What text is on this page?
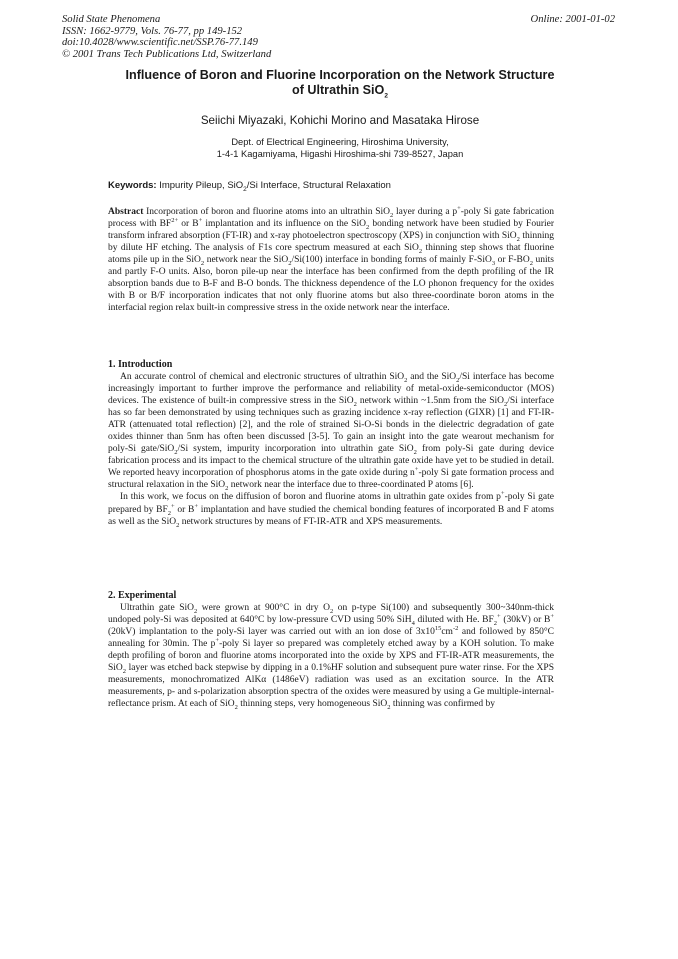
Solid State Phenomena
ISSN: 1662-9779, Vols. 76-77, pp 149-152
doi:10.4028/www.scientific.net/SSP.76-77.149
© 2001 Trans Tech Publications Ltd, Switzerland
Online: 2001-01-02
Influence of Boron and Fluorine Incorporation on the Network Structure
of Ultrathin SiO$_2$
Seiichi Miyazaki, Kohichi Morino and Masataka Hirose
Dept. of Electrical Engineering, Hiroshima University,
1-4-1 Kagamiyama, Higashi Hiroshima-shi 739-8527, Japan
Keywords: Impurity Pileup, SiO$_2$/Si Interface, Structural Relaxation
Abstract Incorporation of boron and fluorine atoms into an ultrathin SiO$_2$ layer during a p+-poly Si gate fabrication process with $BF^{2+}$ or B+ implantation and its influence on the SiO$_2$ bonding network have been studied by Fourier transform infrared absorption (FT-IR) and x-ray photoelectron spectroscopy (XPS) in conjunction with SiO$_2$ thinning by dilute HF etching. The analysis of F1s core spectrum measured at each SiO$_2$ thinning step shows that fluorine atoms pile up in the SiO$_2$ network near the SiO$_2$/Si(100) interface in bonding forms of mainly F-SiO$_3$ or $F-BO_2$ units and partly F-O units. Also, boron pile-up near the interface has been confirmed from the depth profiling of the IR absorption bands due to B-F and B-O bonds. The thickness dependence of the LO phonon frequency for the oxides with B or B/F incorporation indicates that not only fluorine atoms but also three-coordinate boron atoms in the interfacial region relax built-in compressive stress in the oxide network near the interface.
1. Introduction

An accurate control of chemical and electronic structures of ultrathin SiO$_2$ and the SiO$_2$/Si interface has become increasingly important to further improve the performance and reliability of metal-oxide-semiconductor (MOS) devices. The existence of built-in compressive stress in the SiO$_2$ network within ~1.5nm from the SiO$_2$/Si interface has so far been demonstrated by using techniques such as grazing incidence x-ray reflection (GIXR) [1] and FT-IR-ATR (attenuated total reflection) [2], and the role of strained Si-O-Si bonds in the dielectric degradation of gate oxides thinner than 5nm has often been discussed [3-5]. To gain an insight into the gate wearout mechanism for poly-Si gate/SiO$_2$/Si system, impurity incorporation into ultrathin gate SiO$_2$ from poly-Si gate during device fabrication process and its impact to the chemical structure of the ultrathin gate oxide have yet to be studied in detail. We reported heavy incorporation of phosphorus atoms in the gate oxide during n+-poly Si gate formation process and structural relaxation in the SiO$_2$ network near the interface due to three-coordinated P atoms [6].

In this work, we focus on the diffusion of boron and fluorine atoms in ultrathin gate oxides from p+-poly Si gate prepared by $BF_2^+$ or B+ implantation and have studied the chemical bonding features of incorporated B and F atoms as well as the SiO$_2$ network structures by means of FT-IR-ATR and XPS measurements.

2. Experimental

Ultrathin gate SiO$_2$ were grown at 900°C in dry $O_2$ on p-type Si(100) and subsequently 300~340nm-thick undoped poly-Si was deposited at 640°C by low-pressure CVD using 50% SiH$_4$ diluted with He. $BF_2^+$ (30kV) or B+ (20kV) implantation to the poly-Si layer was carried out with an ion dose of $3x10^{15}cm^{-2}$ and followed by 850°C annealing for 30min. The p+-poly Si layer so prepared was completely etched away by a KOH solution. To make depth profiling of boron and fluorine atoms incorporated into the oxide by XPS and FT-IR-ATR measurements, the SiO$_2$ layer was etched back stepwise by dipping in a 0.1%HF solution and subsequent pure water rinse. For the XPS measurements, monochromatized AlKα (1486eV) radiation was used as an excitation source. In the ATR measurements, p- and s-polarization absorption spectra of the oxides were measured by using a Ge multiple-internal-reflectance prism. At each of SiO$_2$ thinning steps, very homogeneous SiO$_2$ thinning was confirmed by
